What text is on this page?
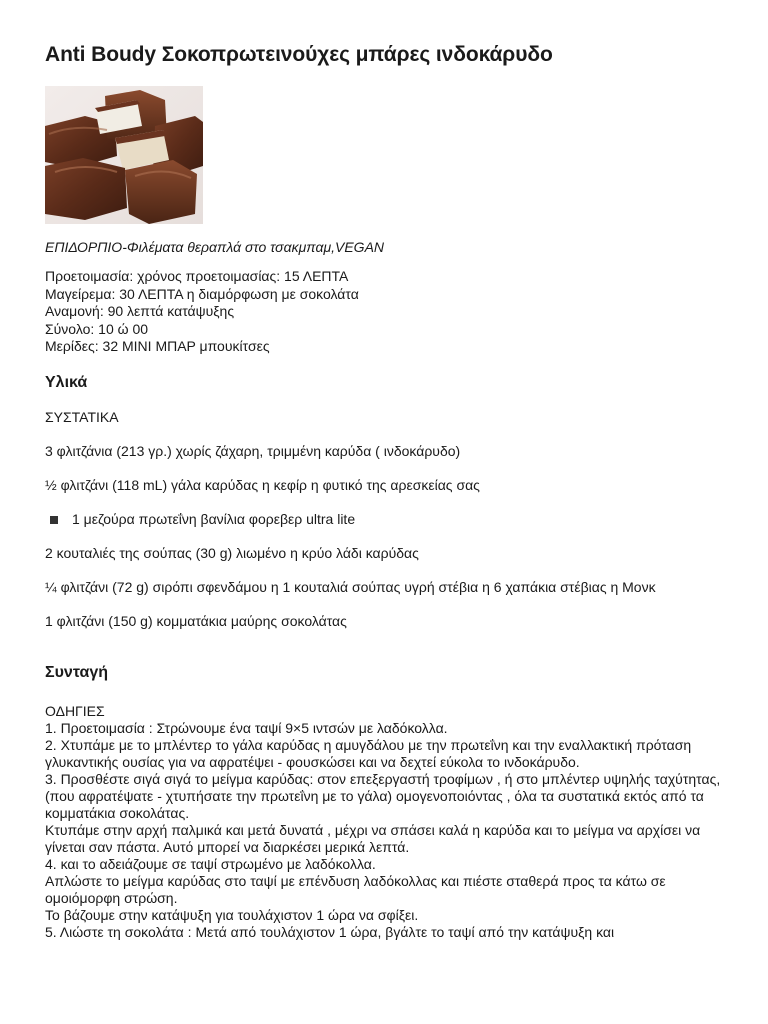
Anti Boudy Σοκοπρωτεινούχες μπάρες ινδοκάρυδο
ΕΠΙΔΟΡΠΙΟ-Φιλέματα θεραπλά στο τσακμπαμ,VEGAN
Προετοιμασία: χρόνος προετοιμασίας: 15 ΛΕΠΤΑ
Μαγείρεμα: 30 ΛΕΠΤΑ η διαμόρφωση με σοκολάτα
Αναμονή: 90 λεπτά κατάψυξης
Σύνολο: 10 ώ 00
Μερίδες: 32 ΜΙΝΙ ΜΠΑΡ μπουκίτσες
Υλικά
ΣΥΣΤΑΤΙΚΑ
3 φλιτζάνια (213 γρ.) χωρίς ζάχαρη, τριμμένη καρύδα ( ινδοκάρυδο)
½ φλιτζάνι (118 mL) γάλα καρύδας η κεφίρ η φυτικό της αρεσκείας σας
1 μεζούρα πρωτεΐνη βανίλια φορεβερ ultra lite
2 κουταλιές της σούπας (30 g) λιωμένο η κρύο λάδι καρύδας
¼ φλιτζάνι (72 g) σιρόπι σφενδάμου η 1 κουταλιά σούπας υγρή στέβια η 6 χαπάκια στέβιας η Μονκ
1 φλιτζάνι (150 g) κομματάκια μαύρης σοκολάτας
Συνταγή
ΟΔΗΓΙΕΣ
1. Προετοιμασία : Στρώνουμε ένα ταψί 9×5 ιντσών με λαδόκολλα.
2. Χτυπάμε με το μπλέντερ το γάλα καρύδας η αμυγδάλου με την πρωτεΐνη και την εναλλακτική πρόταση γλυκαντικής ουσίας για να αφρατέψει - φουσκώσει και να δεχτεί εύκολα το ινδοκάρυδο.
3. Προσθέστε σιγά σιγά το μείγμα καρύδας: στον επεξεργαστή τροφίμων , ή στο μπλέντερ υψηλής ταχύτητας, (που αφρατέψατε - χτυπήσατε την πρωτεΐνη με το γάλα) ομογενοποιόντας , όλα τα συστατικά εκτός από τα κομματάκια σοκολάτας.
Κτυπάμε στην αρχή παλμικά και μετά δυνατά , μέχρι να σπάσει καλά η καρύδα και το μείγμα να αρχίσει να γίνεται σαν πάστα. Αυτό μπορεί να διαρκέσει μερικά λεπτά.
4. και το αδειάζουμε σε ταψί στρωμένο με λαδόκολλα.
Απλώστε το μείγμα καρύδας στο ταψί με επένδυση λαδόκολλας και πιέστε σταθερά προς τα κάτω σε ομοιόμορφη στρώση.
Το βάζουμε στην κατάψυξη για τουλάχιστον 1 ώρα να σφίξει.
5. Λιώστε τη σοκολάτα : Μετά από τουλάχιστον 1 ώρα, βγάλτε το ταψί από την κατάψυξη και
